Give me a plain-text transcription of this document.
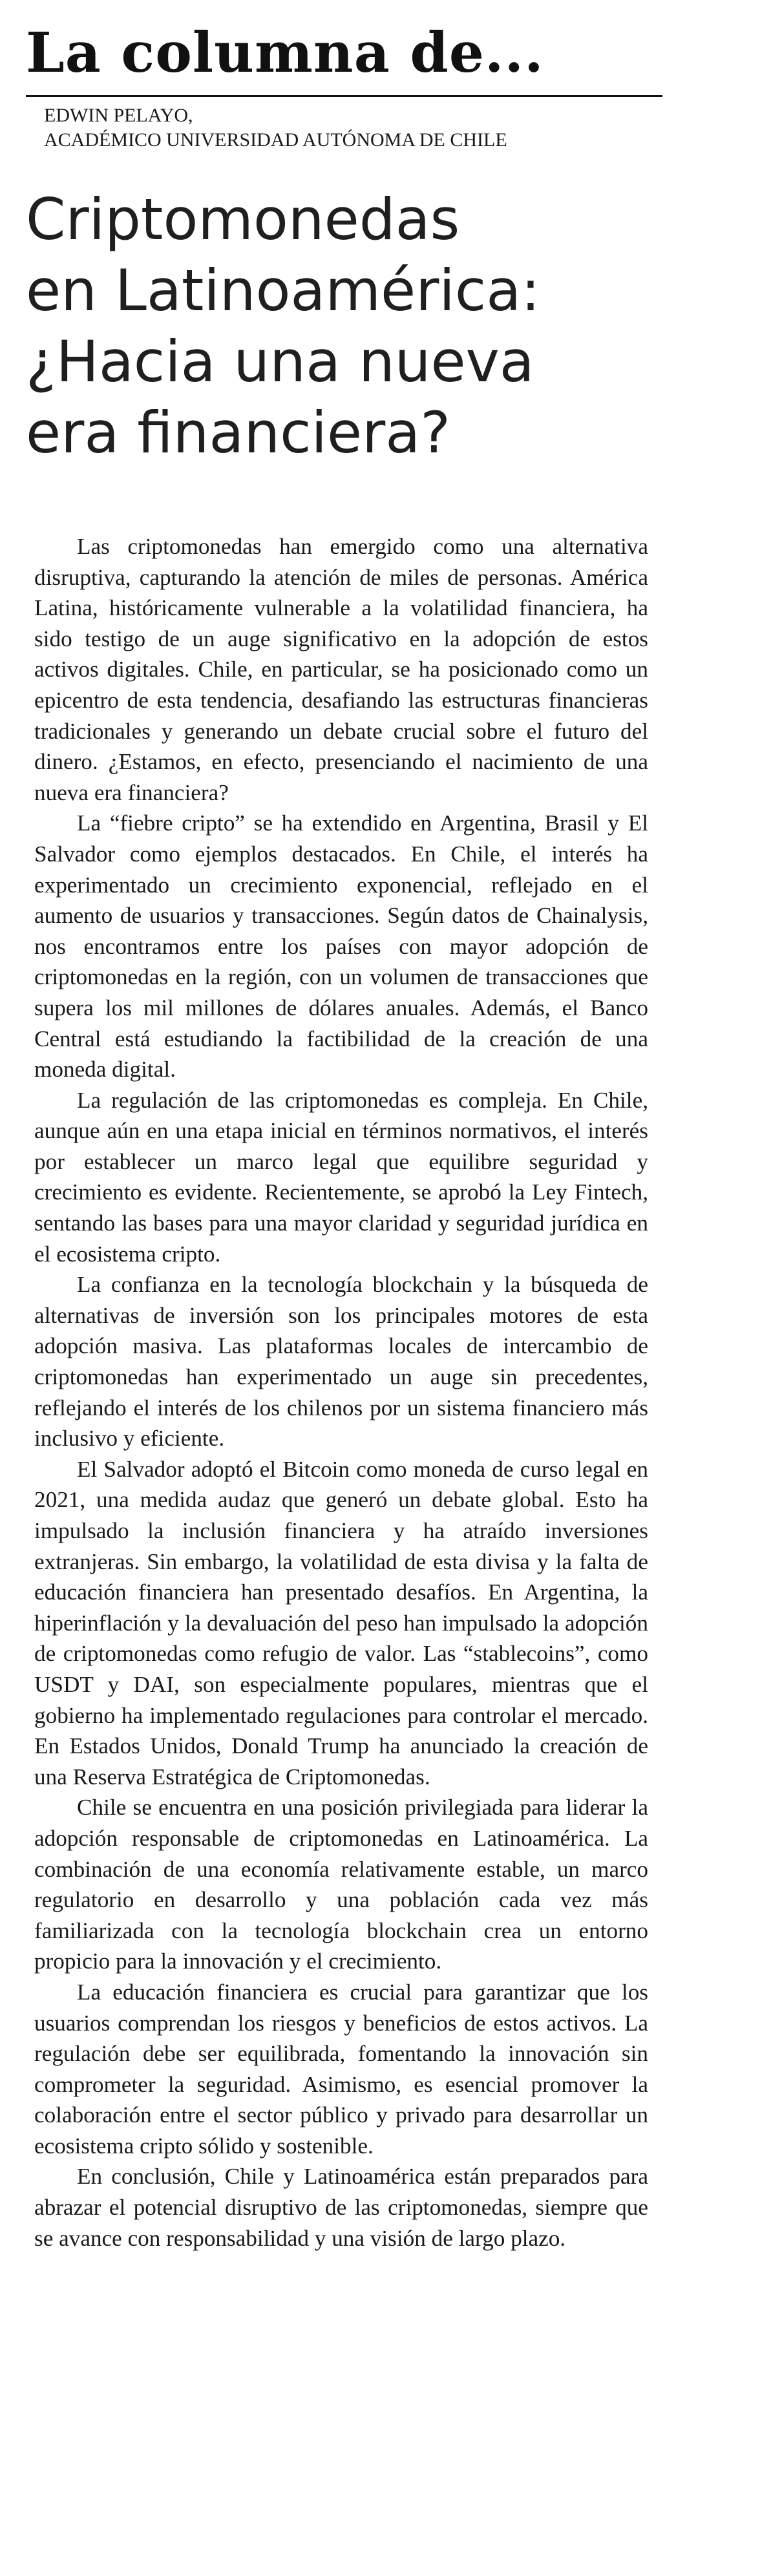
La columna de...
EDWIN PELAYO,
ACADÉMICO UNIVERSIDAD AUTÓNOMA DE CHILE
Criptomonedas
en Latinoamérica:
¿Hacia una nueva
era financiera?

Las criptomonedas han emergido como una alternativa disruptiva, capturando la atención de miles de personas. América Latina, históricamente vulnerable a la volatilidad financiera, ha sido testigo de un auge significativo en la adopción de estos activos digitales. Chile, en particular, se ha posicionado como un epicentro de esta tendencia, desafiando las estructuras financieras tradicionales y generando un debate crucial sobre el futuro del dinero. ¿Estamos, en efecto, presenciando el nacimiento de una nueva era financiera?

La “fiebre cripto” se ha extendido en Argentina, Brasil y El Salvador como ejemplos destacados. En Chile, el interés ha experimentado un crecimiento exponencial, reflejado en el aumento de usuarios y transacciones. Según datos de Chainalysis, nos encontramos entre los países con mayor adopción de criptomonedas en la región, con un volumen de transacciones que supera los mil millones de dólares anuales. Además, el Banco Central está estudiando la factibilidad de la creación de una moneda digital.

La regulación de las criptomonedas es compleja. En Chile, aunque aún en una etapa inicial en términos normativos, el interés por establecer un marco legal que equilibre seguridad y crecimiento es evidente. Recientemente, se aprobó la Ley Fintech, sentando las bases para una mayor claridad y seguridad jurídica en el ecosistema cripto.

La confianza en la tecnología blockchain y la búsqueda de alternativas de inversión son los principales motores de esta adopción masiva. Las plataformas locales de intercambio de criptomonedas han experimentado un auge sin precedentes, reflejando el interés de los chilenos por un sistema financiero más inclusivo y eficiente.

El Salvador adoptó el Bitcoin como moneda de curso legal en 2021, una medida audaz que generó un debate global. Esto ha impulsado la inclusión financiera y ha atraído inversiones extranjeras. Sin embargo, la volatilidad de esta divisa y la falta de educación financiera han presentado desafíos. En Argentina, la hiperinflación y la devaluación del peso han impulsado la adopción de criptomonedas como refugio de valor. Las “stablecoins”, como USDT y DAI, son especialmente populares, mientras que el gobierno ha implementado regulaciones para controlar el mercado. En Estados Unidos, Donald Trump ha anunciado la creación de una Reserva Estratégica de Criptomonedas.

Chile se encuentra en una posición privilegiada para liderar la adopción responsable de criptomonedas en Latinoamérica. La combinación de una economía relativamente estable, un marco regulatorio en desarrollo y una población cada vez más familiarizada con la tecnología blockchain crea un entorno propicio para la innovación y el crecimiento.

La educación financiera es crucial para garantizar que los usuarios comprendan los riesgos y beneficios de estos activos. La regulación debe ser equilibrada, fomentando la innovación sin comprometer la seguridad. Asimismo, es esencial promover la colaboración entre el sector público y privado para desarrollar un ecosistema cripto sólido y sostenible.

En conclusión, Chile y Latinoamérica están preparados para abrazar el potencial disruptivo de las criptomonedas, siempre que se avance con responsabilidad y una visión de largo plazo.
